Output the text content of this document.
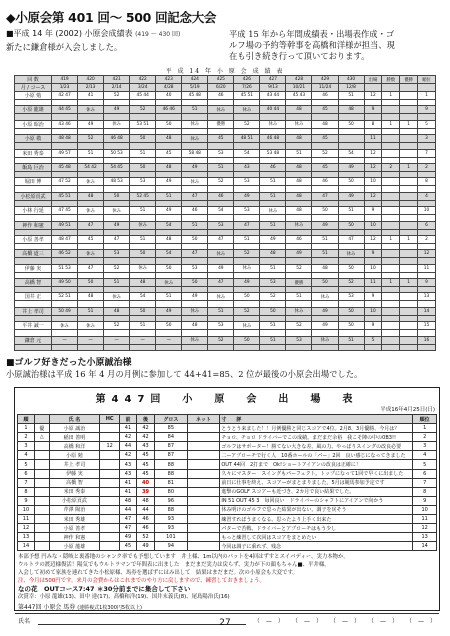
◆小原会第 401 回～ 500 回記念大会
■平成 14 年 (2002) 小原会成績表 (419 ～ 430 回)
新たに鎌倉様が入会しました。
平成 15 年から年間成績表・出場表作成・ゴ
ルフ場の予約等幹事を高橋和洋様が担当、現
在も引き続き行って頂いております。
平 成 14 年 小 原 会 成 績 表
回 数	419	420	421	422	423	424	425	426	427	428	429	430	出場	勝数	優勝	順位
月 / コース	1/23	2/13	2/14	3/24	4/28	5/19	6/20	7/26	9/13	10/21	11/24	12/8				
小原 勉	42 47	41	52	45 44	40	45 48	46	45 51	43 44	45 43	46	51	12	1		1

小原 龍雄	44 45	休み	49	52	46 46	51	休み	休み	40 44	48	45	48	9			9

小原 昭治	43 46	49	休み	53 51	50	休み	優勝	52	休み	休み	48	50	8	1	1	5

小原 敬	48 48	52	46 48	50	48	休み	45	48 51	46 48	48	45		11			3

米田 秀泰	49 57	51	50 53	51	45	58 48	53	54	53 48	51	52	54	12			7

飯島 巨治	45 48	54 42	54 45	50	48	49	51	43	46	48	45	49	12	2	1	2

堀田 博	47 52	休み	48 53	53	49	休み	52	53	51	48	46	50	10			8

小松原貢武	45 51	48	50	52 45	51	47	46	49	51	48	47	49	12			4

小林 行延	47 45	休み	休み	51	49	46	54	53	休み	48	50	51	9			10

神作 和憲	49 51	47	49	休み	54	51	53	47	51	休み	49	50	10			6

小原 善孝	48 47	45	47	51	48	50	47	51	49	46	51	47	12	1	1	2

高橋 道三	46 52	休み	53	50	54	47	休み	52	48	49	51	休み	9			12

伊藤 実	51 53	47	52	休み	50	53	49	休み	51	52	48	50	10			11

高橋 智	49 50	50	51	48	休み	50	47	49	53	優勝	50	52	11	1	1	9

国井 正	52 51	48	休み	54	51	49	休み	50	52	51	休み	53	9			13

井上 孝司	50 49	51	48	50	49	休み	51	52	50	休み	49	50	10			14

平井 誠一	休み	休み	52	51	50	48	53	休み	51	52	49	50	9			15

鎌倉 元	—	—	—	—	—	休み	52	50	51	53	休み	51	5			16

■ゴルフ好きだった小原誠治様
小原誠治様は平成 16 年 4 月の月例に参加して 44+41=85、2 位が最後の小原会出場でした。
第447回　小　原　会　出　場　表
平成16年4月25日(日)
順		氏 名	HC	前	後	グロス	ネット	寸　　評	順位
1	優	小原 誠治		41	42	85		とうとう来ました！！月例優勝と同じスコアで4位。2月8、3月優勝、今月は？	1
2	△	稲田 善明		42	42	84		チョロ、チョロ ドライバーでこの成績。まだまだ余裕　我こそ陣の中の0B3!!	2
3		高橋 和洋	12	44	43	87		ゴルフはサポーター！勝てない大きな差、風の力、やっぱりスイングの改良必要	3
4		小原 勉		42	45	87		二ーアプローチで行く人　10番ホールの「パー」2回　良い感じになってきました	4
5		井上 孝司		43	45	88		OUT 44回　2打まで　Ok!ショートアイアンの改良は正確に！	5
6		伊藤 実		43	45	88		久々にマスター　スイングもパーフェクト。トップになって1回で早くに出ました	6
7		高橋 智		41	40	81		前日に仕事を終え、スコアーがまとまりました。5月は競馬参加予定です	7
8		米田 秀泰		41	39	80		進撃のGOLF スコアーも近づき、2カ月で良い結果でした。	8
9		小松原貢武		48	48	96		IN 51 OUT 45 3　毎回良い　ドライバーのシャフトにアイアンで向かう	9
10		芹澤 陽治		44	44	88		休み明けのゴルフで思った結果が出ない。調子を戻そう	10
11		米田 秀雄		47	46	93		練習すればうまくなる。思ったより上手く出来た	11
12		小原 善孝		47	46	93		パターで苦戦、ドライバーとアプローチはもう少し	12
13		神作 和憲		49	52	101		もっと練習して次回はスコアをまとめたい	13
14		小原 龍雄		45	49	94		今回は調子に乗れず、残念	14
本部予想 円みな・隠岐と裏番地のシャンク率でも予想しています　井上様、1m以内のパットを4回はずすとスイバディー、実力本物か。
ウルトラの渡辺様復活！陽気でもウルトラマンで年間表に出ました　まだまだ実力は戻らず、実力が下の顔もちゃん■、平井様。
入会して初めて家族を連れてきた小松原様、馬券を選ばずにはみ出して　結果はまだまだ。次の小原会も大変です。
注、今月は500円です。来月の会費からはこれまでのやり方に戻しますので、練習しておきましょう。
なの花　OUTコース7:47 ＊30分前までに集合して下さい
次賞幸：小原 龍雄(13)、田中 達(17)、高橋和洋(19)、国井末義氏(8)、尾島陽治氏(16)
第447回 小原会 馬券 (連勝複式1枚300円5枚以上)
氏名	（　—　） （　—　） （　—　） （　—　） （　—　）
27
